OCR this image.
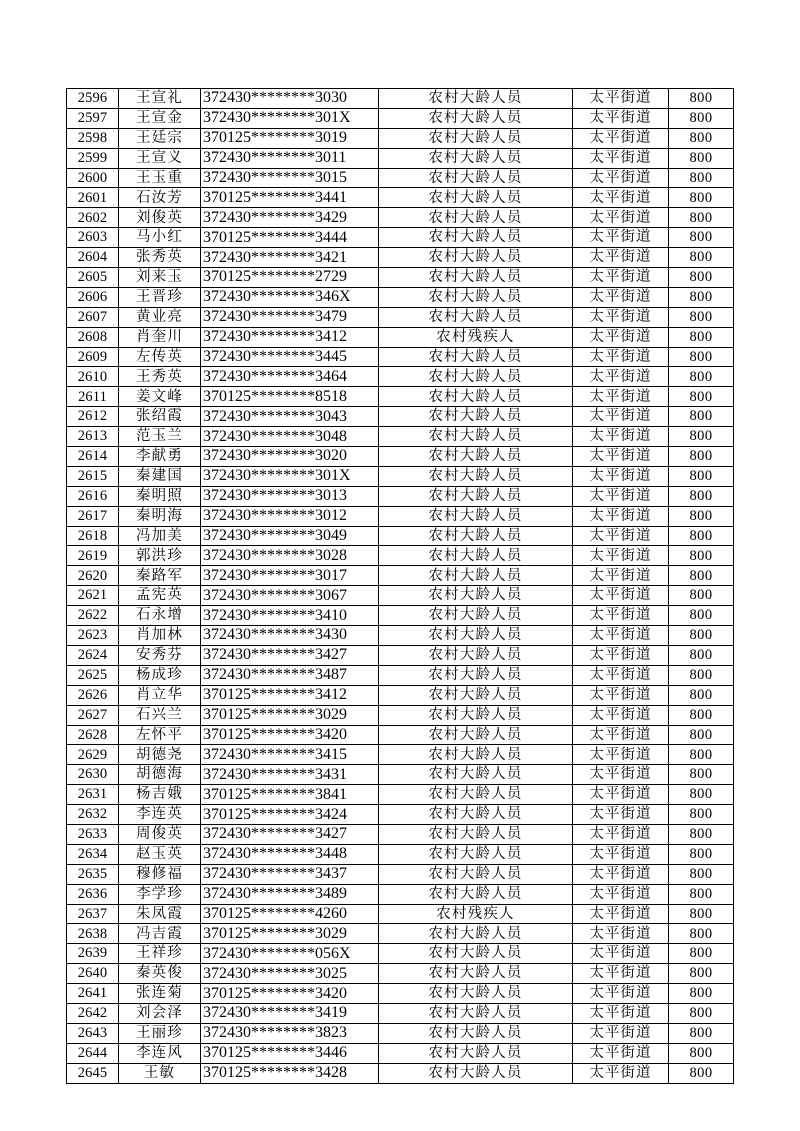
2596	王宣礼	372430********3030	农村大龄人员	太平街道	800
2597	王宣金	372430********301X	农村大龄人员	太平街道	800
2598	王廷宗	370125********3019	农村大龄人员	太平街道	800
2599	王宣义	372430********3011	农村大龄人员	太平街道	800
2600	王玉重	372430********3015	农村大龄人员	太平街道	800
2601	石汝芳	370125********3441	农村大龄人员	太平街道	800
2602	刘俊英	372430********3429	农村大龄人员	太平街道	800
2603	马小红	370125********3444	农村大龄人员	太平街道	800
2604	张秀英	372430********3421	农村大龄人员	太平街道	800
2605	刘来玉	370125********2729	农村大龄人员	太平街道	800
2606	王晋珍	372430********346X	农村大龄人员	太平街道	800
2607	黄业亮	372430********3479	农村大龄人员	太平街道	800
2608	肖奎川	372430********3412	农村残疾人	太平街道	800
2609	左传英	372430********3445	农村大龄人员	太平街道	800
2610	王秀英	372430********3464	农村大龄人员	太平街道	800
2611	姜文峰	370125********8518	农村大龄人员	太平街道	800
2612	张绍霞	372430********3043	农村大龄人员	太平街道	800
2613	范玉兰	372430********3048	农村大龄人员	太平街道	800
2614	李献勇	372430********3020	农村大龄人员	太平街道	800
2615	秦建国	372430********301X	农村大龄人员	太平街道	800
2616	秦明照	372430********3013	农村大龄人员	太平街道	800
2617	秦明海	372430********3012	农村大龄人员	太平街道	800
2618	冯加美	372430********3049	农村大龄人员	太平街道	800
2619	郭洪珍	372430********3028	农村大龄人员	太平街道	800
2620	秦路军	372430********3017	农村大龄人员	太平街道	800
2621	孟宪英	372430********3067	农村大龄人员	太平街道	800
2622	石永增	372430********3410	农村大龄人员	太平街道	800
2623	肖加林	372430********3430	农村大龄人员	太平街道	800
2624	安秀芬	372430********3427	农村大龄人员	太平街道	800
2625	杨成珍	372430********3487	农村大龄人员	太平街道	800
2626	肖立华	370125********3412	农村大龄人员	太平街道	800
2627	石兴兰	370125********3029	农村大龄人员	太平街道	800
2628	左怀平	370125********3420	农村大龄人员	太平街道	800
2629	胡德尧	372430********3415	农村大龄人员	太平街道	800
2630	胡德海	372430********3431	农村大龄人员	太平街道	800
2631	杨吉娥	370125********3841	农村大龄人员	太平街道	800
2632	李连英	370125********3424	农村大龄人员	太平街道	800
2633	周俊英	372430********3427	农村大龄人员	太平街道	800
2634	赵玉英	372430********3448	农村大龄人员	太平街道	800
2635	穆修福	372430********3437	农村大龄人员	太平街道	800
2636	李学珍	372430********3489	农村大龄人员	太平街道	800
2637	朱凤霞	370125********4260	农村残疾人	太平街道	800
2638	冯吉霞	370125********3029	农村大龄人员	太平街道	800
2639	王祥珍	372430********056X	农村大龄人员	太平街道	800
2640	秦英俊	372430********3025	农村大龄人员	太平街道	800
2641	张连菊	370125********3420	农村大龄人员	太平街道	800
2642	刘会泽	372430********3419	农村大龄人员	太平街道	800
2643	王丽珍	372430********3823	农村大龄人员	太平街道	800
2644	李连风	370125********3446	农村大龄人员	太平街道	800
2645	王敏	370125********3428	农村大龄人员	太平街道	800
